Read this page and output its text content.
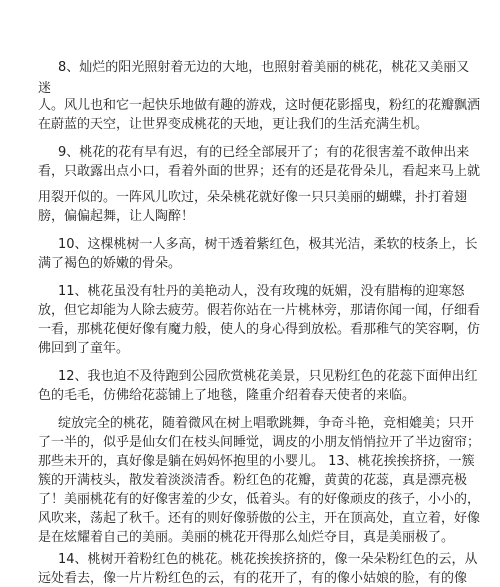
8、灿烂的阳光照射着无边的大地，也照射着美丽的桃花，桃花又美丽又
迷
人。风儿也和它一起快乐地做有趣的游戏，这时便花影摇曳，粉红的花瓣飘洒
在蔚蓝的天空，让世界变成桃花的天地，更让我们的生活充满生机。
9、桃花的花有早有迟，有的已经全部展开了；有的花很害羞不敢伸出来
看，只敢露出点小口，看着外面的世界；还有的还是花骨朵儿，看起来马上就
用裂开似的。一阵风儿吹过，朵朵桃花就好像一只只美丽的蝴蝶，扑打着翅
膀，偏偏起舞，让人陶醉！
10、这棵桃树一人多高，树干透着紫红色，极其光洁，柔软的枝条上，长
满了褐色的娇嫩的骨朵。
11、桃花虽没有牡丹的美艳动人，没有玫瑰的妩媚，没有腊梅的迎寒怒
放，但它却能为人除去疲劳。假若你站在一片桃林旁，那请你闻一闻，仔细看
一看，那桃花便好像有魔力般，使人的身心得到放松。看那稚气的笑容啊，仿
佛回到了童年。
12、我也迫不及待跑到公园欣赏桃花美景，只见粉红色的花蕊下面伸出红
色的毛毛，仿佛给花蕊铺上了地毯，隆重介绍着春天使者的来临。
绽放完全的桃花，随着微风在树上唱歌跳舞，争奇斗艳，竞相媲美；只开
了一半的，似乎是仙女们在枝头间睡觉，调皮的小朋友悄悄拉开了半边窗帘；
那些未开的，真好像是躺在妈妈怀抱里的小婴儿。 13、桃花挨挨挤挤，一簇
簇的开满枝头，散发着淡淡清香。粉红色的花瓣，黄黄的花蕊，真是漂亮极
了！美丽桃花有的好像害羞的少女，低着头。有的好像顽皮的孩子，小小的，
风吹来，荡起了秋千。还有的则好像骄傲的公主，开在顶高处，直立着，好像
是在炫耀着自己的美丽。美丽的桃花开得那么灿烂夺目，真是美丽极了。
14、桃树开着粉红色的桃花。桃花挨挨挤挤的，像一朵朵粉红色的云，从
远处看去，像一片片粉红色的云，有的花开了，有的像小姑娘的脸，有的像
